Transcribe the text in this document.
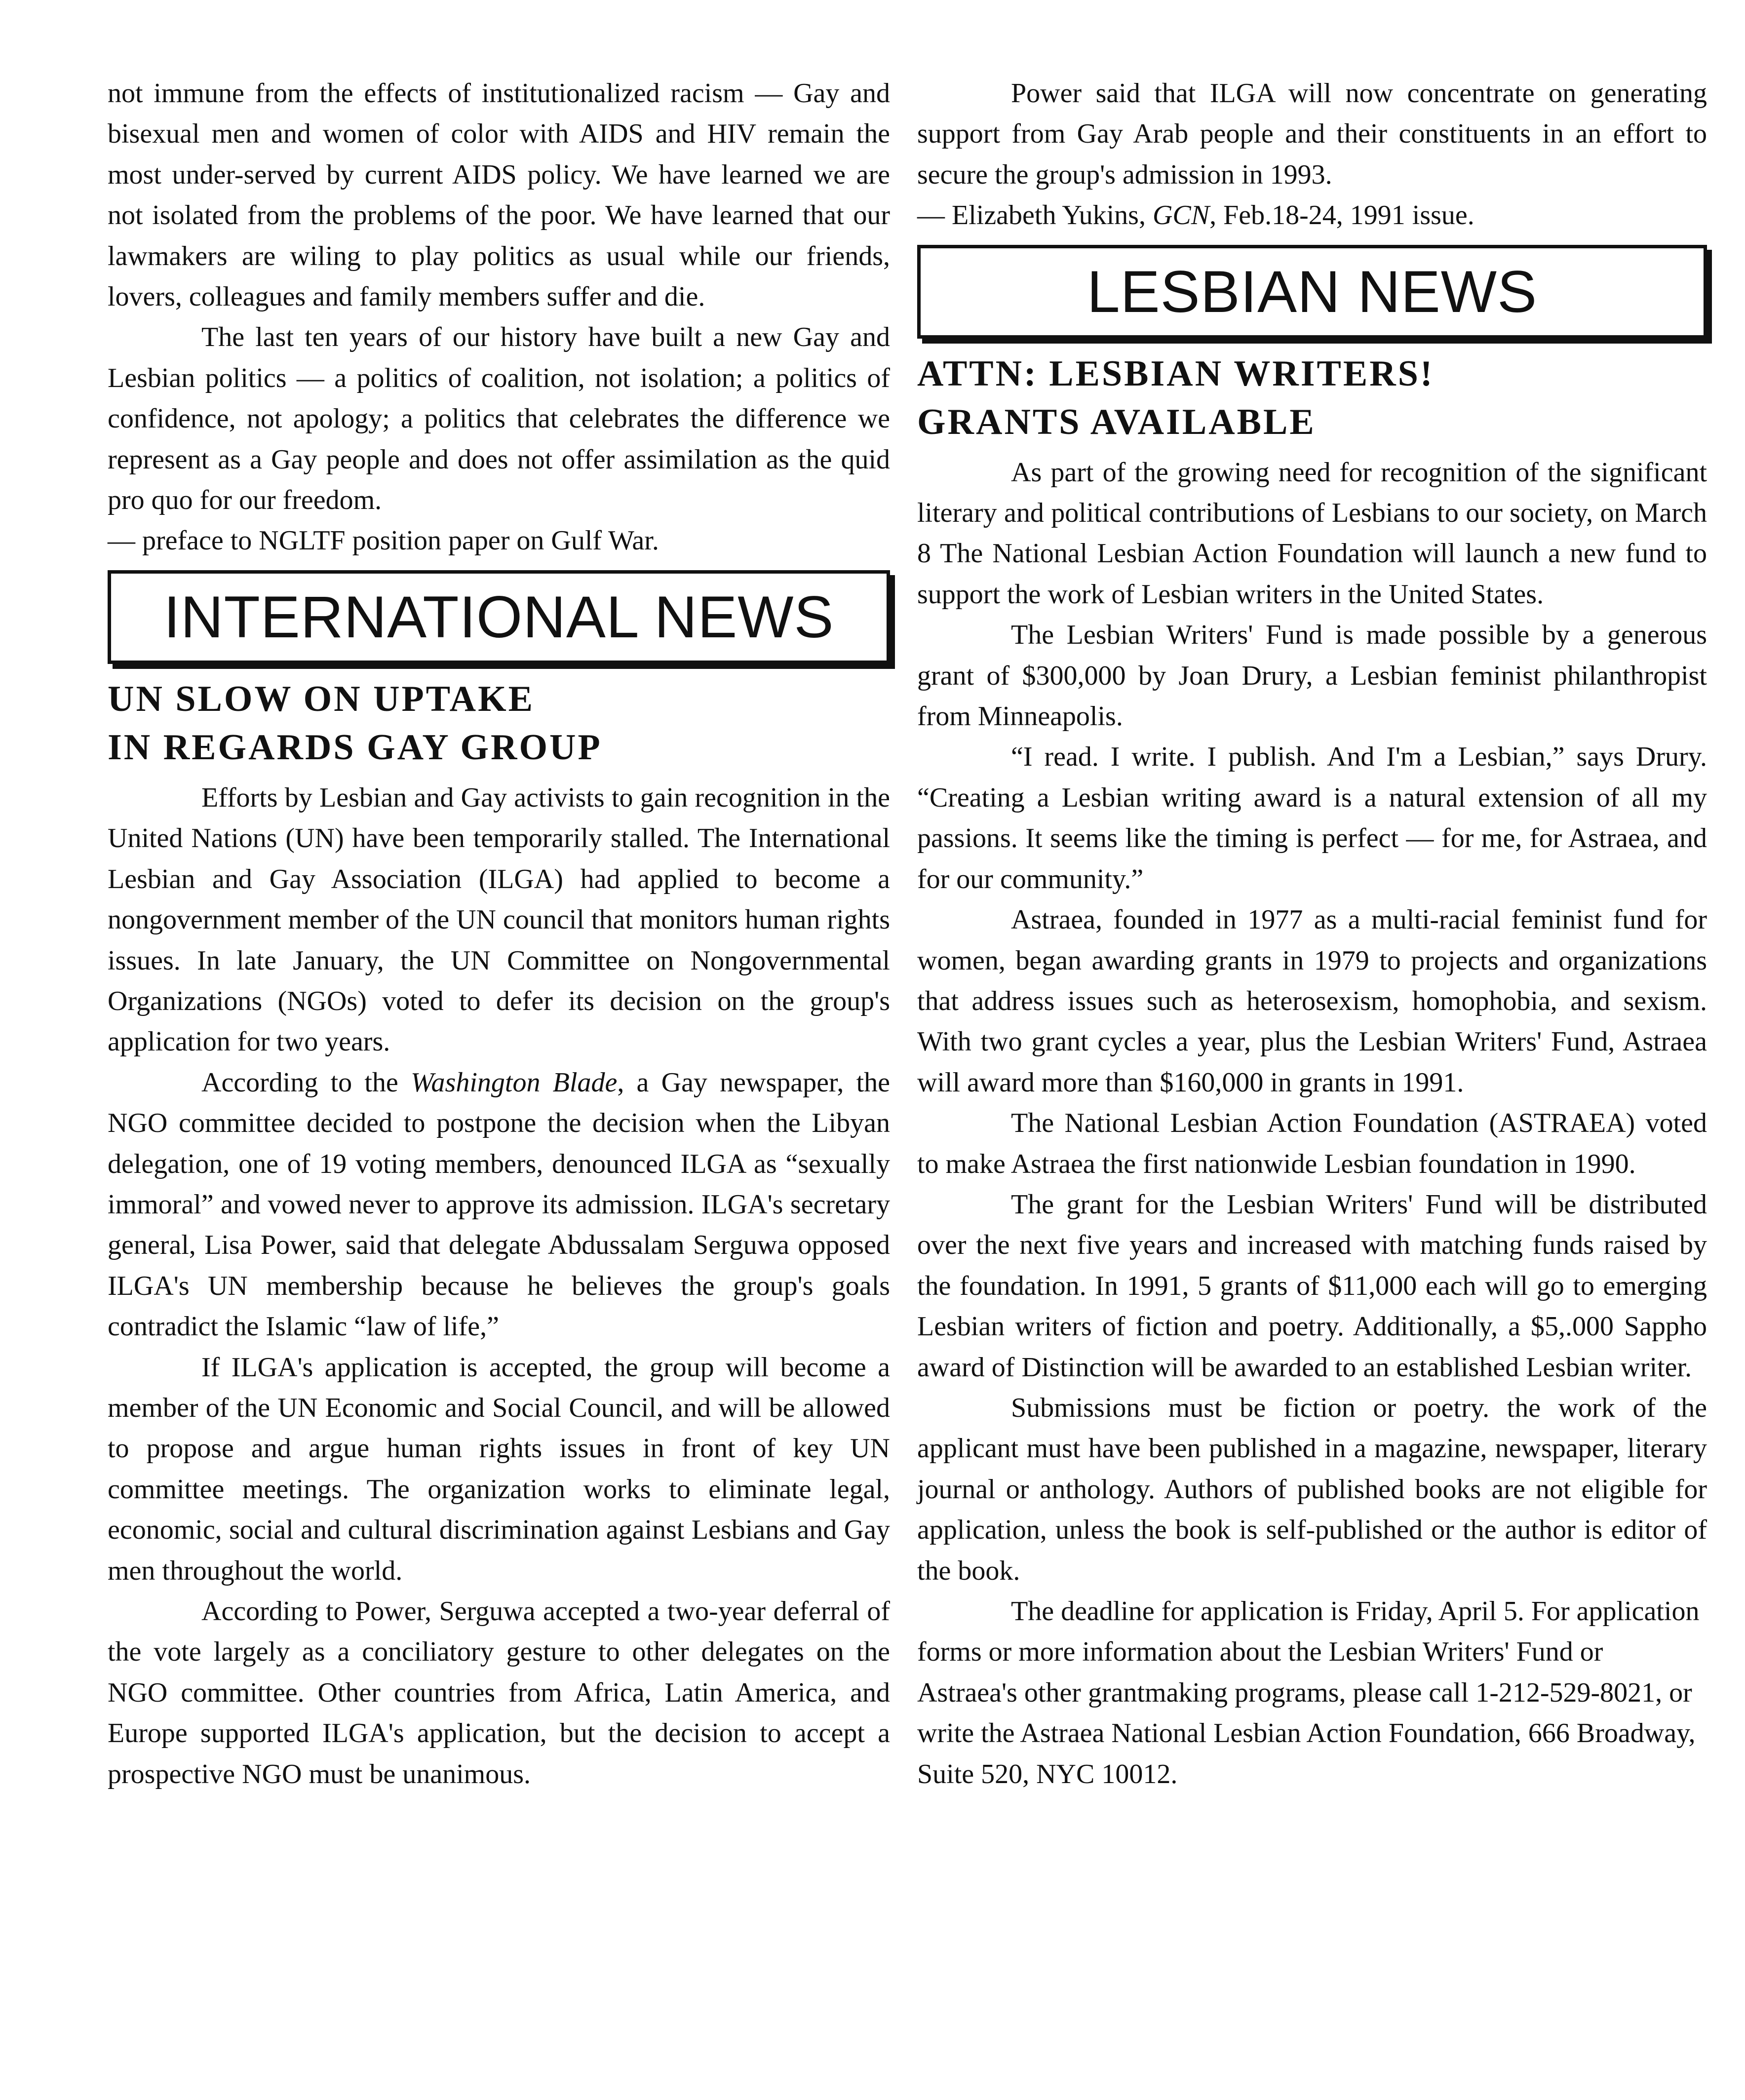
not immune from the effects of institutionalized racism — Gay and bisexual men and women of color with AIDS and HIV remain the most under-served by current AIDS policy. We have learned we are not isolated from the problems of the poor. We have learned that our lawmakers are wiling to play politics as usual while our friends, lovers, colleagues and family members suffer and die.

The last ten years of our history have built a new Gay and Lesbian politics — a politics of coalition, not isolation; a politics of confidence, not apology; a politics that celebrates the difference we represent as a Gay people and does not offer assimilation as the quid pro quo for our freedom.

— preface to NGLTF position paper on Gulf War.

INTERNATIONAL NEWS
UN SLOW ON UPTAKE
IN REGARDS GAY GROUP

Efforts by Lesbian and Gay activists to gain recognition in the United Nations (UN) have been temporarily stalled. The International Lesbian and Gay Association (ILGA) had applied to become a nongovernment member of the UN council that monitors human rights issues. In late January, the UN Committee on Nongovernmental Organizations (NGOs) voted to defer its decision on the group's application for two years.

According to the Washington Blade, a Gay newspaper, the NGO committee decided to postpone the decision when the Libyan delegation, one of 19 voting members, denounced ILGA as “sexually immoral” and vowed never to approve its admission. ILGA's secretary general, Lisa Power, said that delegate Abdussalam Serguwa opposed ILGA's UN membership because he believes the group's goals contradict the Islamic “law of life,”

If ILGA's application is accepted, the group will become a member of the UN Economic and Social Council, and will be allowed to propose and argue human rights issues in front of key UN committee meetings. The organization works to eliminate legal, economic, social and cultural discrimination against Lesbians and Gay men throughout the world.

According to Power, Serguwa accepted a two-year deferral of the vote largely as a conciliatory gesture to other delegates on the NGO committee. Other countries from Africa, Latin America, and Europe supported ILGA's application, but the decision to accept a prospective NGO must be unanimous.

Power said that ILGA will now concentrate on generating support from Gay Arab people and their constituents in an effort to secure the group's admission in 1993.

— Elizabeth Yukins, GCN, Feb.18-24, 1991 issue.

LESBIAN NEWS
ATTN: LESBIAN WRITERS!
GRANTS AVAILABLE

As part of the growing need for recognition of the significant literary and political contributions of Lesbians to our society, on March 8 The National Lesbian Action Foundation will launch a new fund to support the work of Lesbian writers in the United States.

The Lesbian Writers' Fund is made possible by a generous grant of $300,000 by Joan Drury, a Lesbian feminist philanthropist from Minneapolis.

“I read. I write. I publish. And I'm a Lesbian,” says Drury. “Creating a Lesbian writing award is a natural extension of all my passions. It seems like the timing is perfect — for me, for Astraea, and for our community.”

Astraea, founded in 1977 as a multi-racial feminist fund for women, began awarding grants in 1979 to projects and organizations that address issues such as heterosexism, homophobia, and sexism. With two grant cycles a year, plus the Lesbian Writers' Fund, Astraea will award more than $160,000 in grants in 1991.

The National Lesbian Action Foundation (ASTRAEA) voted to make Astraea the first nationwide Lesbian foundation in 1990.

The grant for the Lesbian Writers' Fund will be distributed over the next five years and increased with matching funds raised by the foundation. In 1991, 5 grants of $11,000 each will go to emerging Lesbian writers of fiction and poetry. Additionally, a $5,.000 Sappho award of Distinction will be awarded to an established Lesbian writer.

Submissions must be fiction or poetry. the work of the applicant must have been published in a magazine, newspaper, literary journal or anthology. Authors of published books are not eligible for application, unless the book is self-published or the author is editor of the book.

The deadline for application is Friday, April 5. For application forms or more information about the Lesbian Writers' Fund or Astraea's other grantmaking programs, please call 1-212-529-8021, or write the Astraea National Lesbian Action Foundation, 666 Broadway, Suite 520, NYC 10012.
